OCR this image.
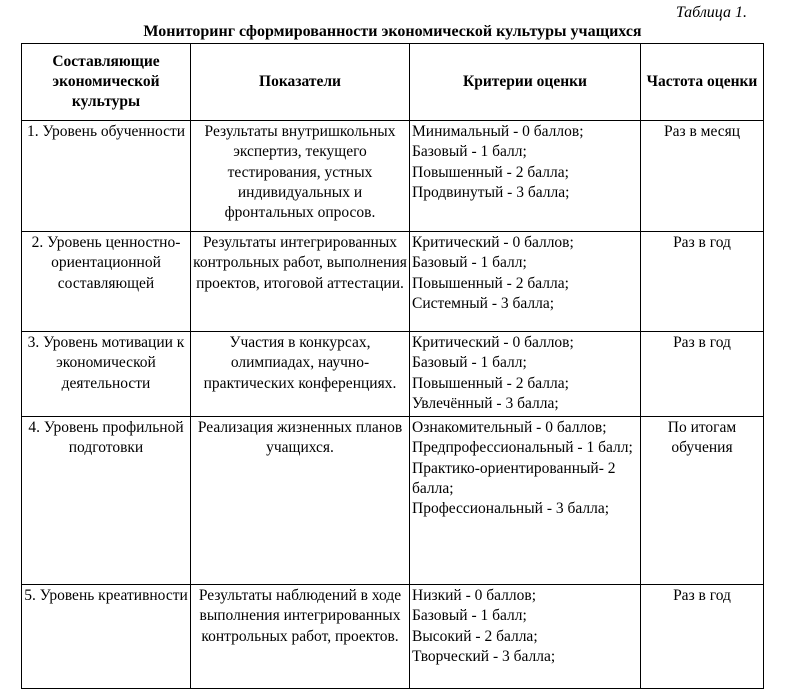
Таблица 1.
Мониторинг сформированности экономической культуры учащихся
Составляющие экономической культуры	Показатели	Критерии оценки	Частота оценки
1. Уровень обученности	Результаты внутришкольных экспертиз, текущего тестирования, устных индивидуальных и фронтальных опросов.	Минимальный - 0 баллов;
Базовый - 1 балл;
Повышенный - 2 балла;
Продвинутый - 3 балла;	Раз в месяц
2. Уровень ценностно-ориентационной составляющей	Результаты интегрированных контрольных работ, выполнения проектов, итоговой аттестации.	Критический - 0 баллов;
Базовый - 1 балл;
Повышенный - 2 балла;
Системный - 3 балла;	Раз в год
3. Уровень мотивации к экономической деятельности	Участия в конкурсах, олимпиадах, научно-практических конференциях.	Критический - 0 баллов;
Базовый - 1 балл;
Повышенный - 2 балла;
Увлечённый - 3 балла;	Раз в год
4. Уровень профильной подготовки	Реализация жизненных планов учащихся.	Ознакомительный - 0 баллов;
Предпрофессиональный - 1 балл;
Практико-ориентированный- 2 балла;
Профессиональный - 3 балла;	По итогам обучения
5. Уровень креативности	Результаты наблюдений в ходе выполнения интегрированных контрольных работ, проектов.	Низкий - 0 баллов;
Базовый - 1 балл;
Высокий - 2 балла;
Творческий - 3 балла;	Раз в год
